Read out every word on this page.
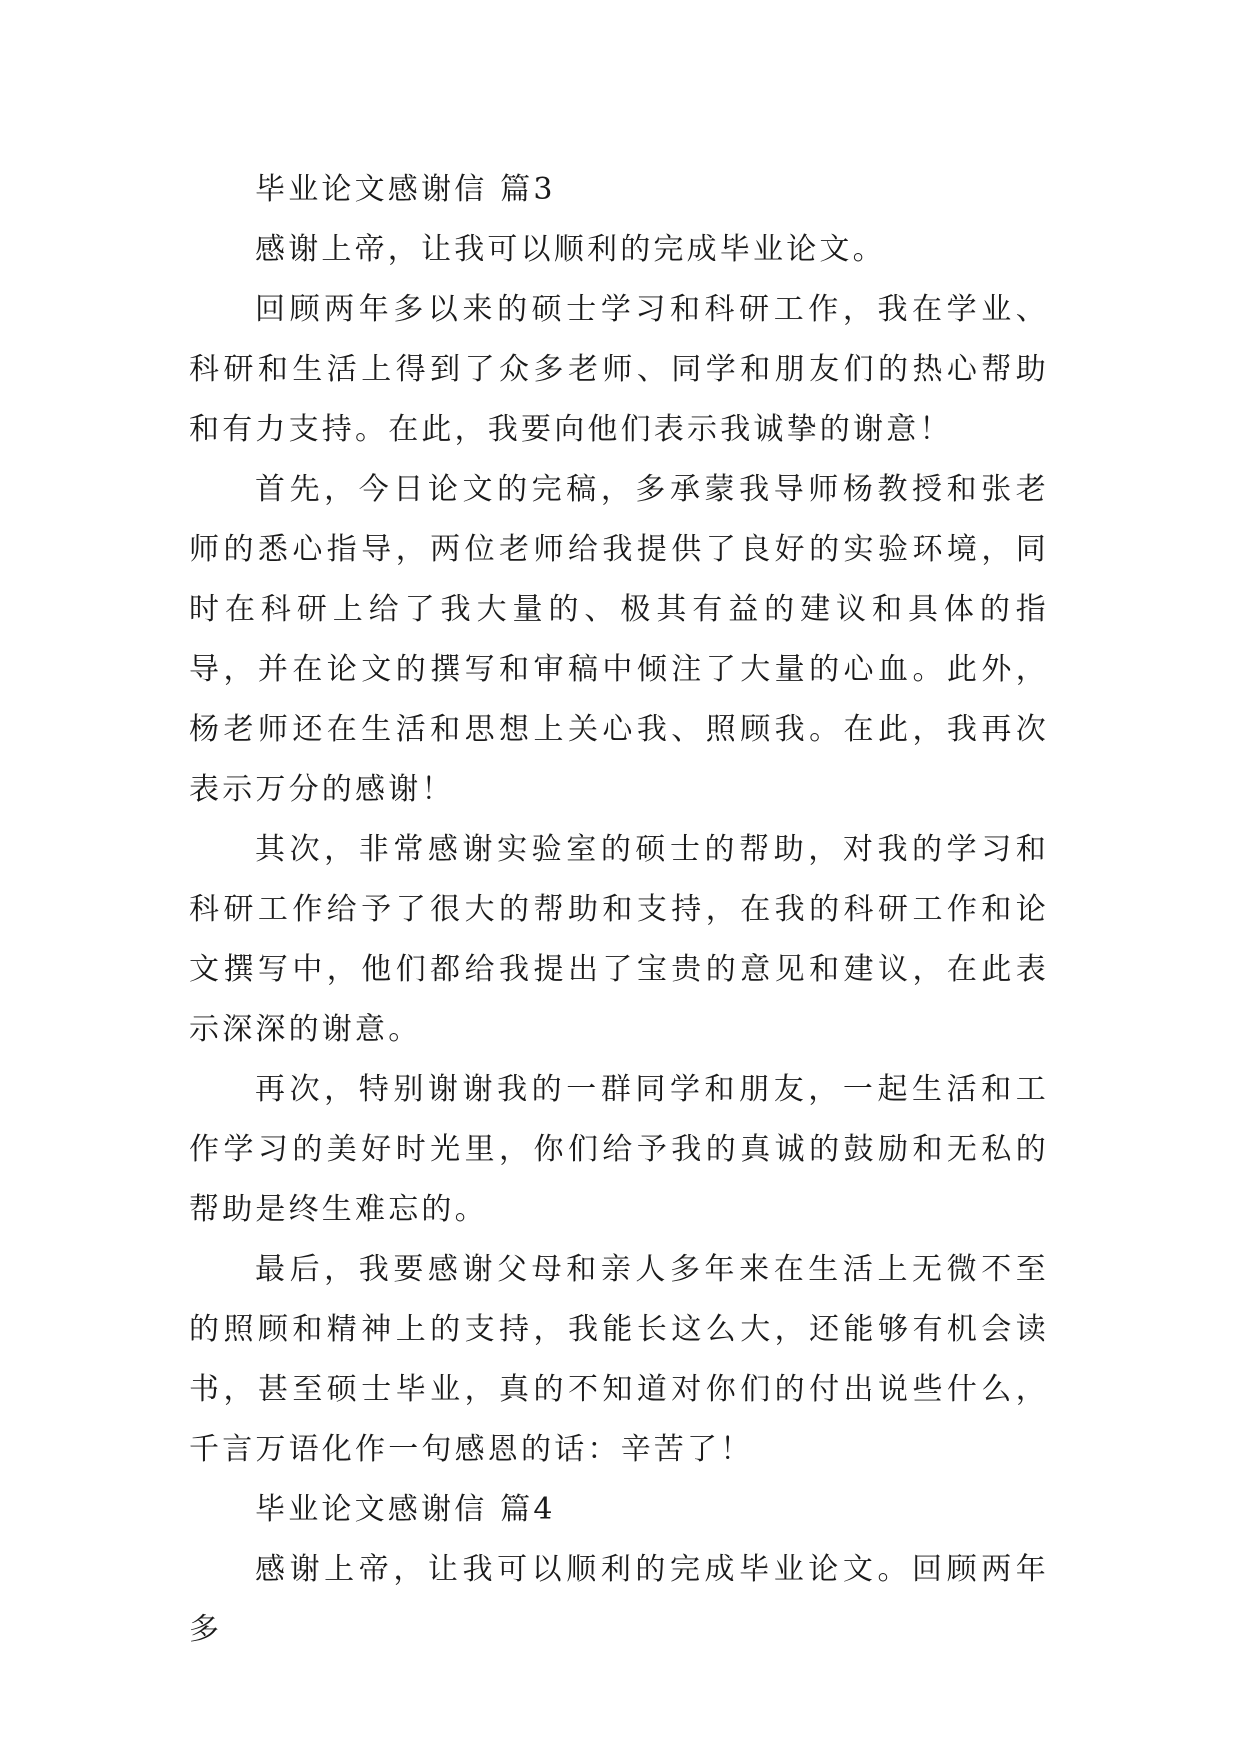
毕业论文感谢信 篇3

感谢上帝，让我可以顺利的完成毕业论文。

回顾两年多以来的硕士学习和科研工作，我在学业、科研和生活上得到了众多老师、同学和朋友们的热心帮助和有力支持。在此，我要向他们表示我诚挚的谢意！

首先，今日论文的完稿，多承蒙我导师杨教授和张老师的悉心指导，两位老师给我提供了良好的实验环境，同时在科研上给了我大量的、极其有益的建议和具体的指导，并在论文的撰写和审稿中倾注了大量的心血。此外，杨老师还在生活和思想上关心我、照顾我。在此，我再次表示万分的感谢！

其次，非常感谢实验室的硕士的帮助，对我的学习和科研工作给予了很大的帮助和支持，在我的科研工作和论文撰写中，他们都给我提出了宝贵的意见和建议，在此表示深深的谢意。

再次，特别谢谢我的一群同学和朋友，一起生活和工作学习的美好时光里，你们给予我的真诚的鼓励和无私的帮助是终生难忘的。

最后，我要感谢父母和亲人多年来在生活上无微不至的照顾和精神上的支持，我能长这么大，还能够有机会读书，甚至硕士毕业，真的不知道对你们的付出说些什么，千言万语化作一句感恩的话：辛苦了！

毕业论文感谢信 篇4

感谢上帝，让我可以顺利的完成毕业论文。回顾两年多
